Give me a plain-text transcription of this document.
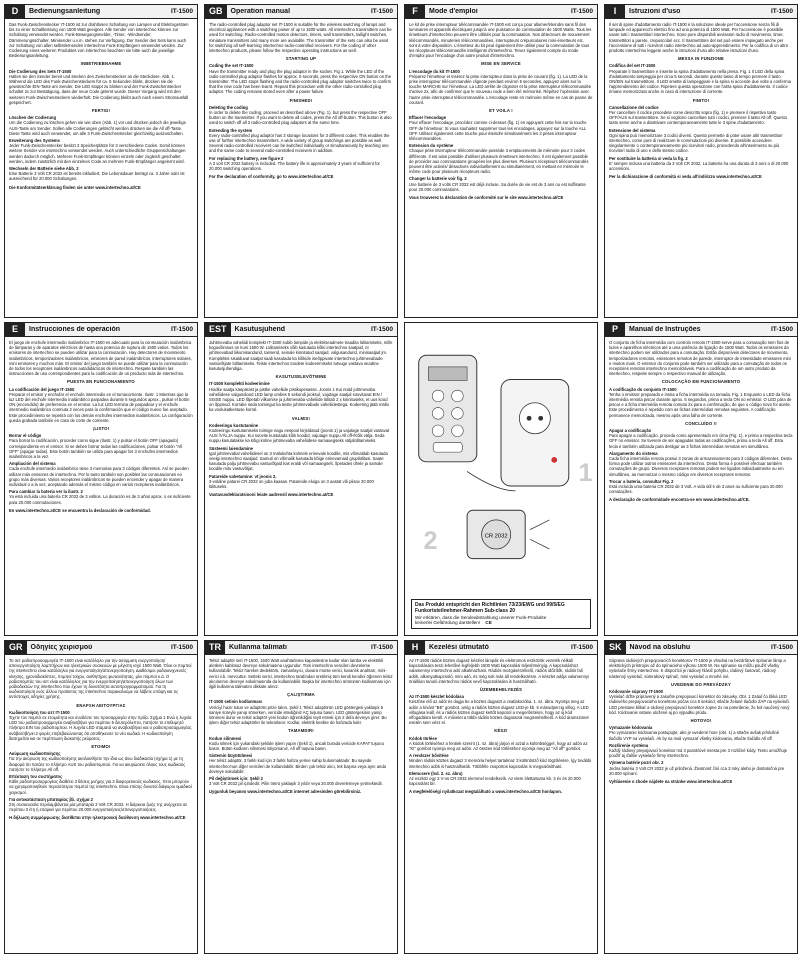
D	Bedienungsanleitung	IT-1500

Das Funk-Zwischenstecker IT-1500 ist zur drahtlosen Schaltung von Lampen und Elektrogeräten bis zu einer Schaltleistung von 1500 Watt geeignet. Alle Sender von intertechno können zur Schaltung verwendet werden. Funk-Bewegungsmelder, -Timer, -Windsender, Dämmerungsschalter, Minisender u.v.m. stehen zur Verfügung. Der Sender des Sets kann auch zur Schaltung von allen selbstlernenden intertechno Funk-Empfängern verwendet werden. Zur Codierung eines weiteren Produktes von intertechno beachten sie bitte auch die jeweilige Bedienungsanleitung.

INBETRIEBNAHME
Die Codierung des Sets IT-1500

Halten sie den Sender bereit und stecken den Zwischenstecker an die Steckdose. Abb. 1. Während die LED des Funk-Zwischensteckers für ca. 5 Sekunden blinkt, drücken sie die gewünschte EIN-Taste am Sender. Die LED stoppt zu blinken und der Funk-Zwischenstecker schaltet 2x zur Bestätigung, dass der neue Code gelernt wurde. Dieser Vorgang wird mit den weiteren Funk-Zwischensteckern wiederholt. Die Codierung bleibt auch nach einem Stromausfall gespeichert.

FERTIG!
Löschen der Codierung

Um die Codierung zu löschen gehen sie wie oben (Abb. 1) vor und drücken jedoch die jeweilige AUS-Taste am Sender. Sollen alle Codierungen gelöscht werden drücken sie die All off-Taste. Diese Taste wird auch verwendet, um alle 3 Funk-Zwischenstecker gleichzeitig auszuschalten.

Erweiterung des Systems

Jeder Funk-Zwischenstecker besitzt 3 Speicherplätze für 3 verschiedene Codes. Somit können weitere Sender von intertechno verwendet werden. Auch unterschiedliche Gruppenschaltungen werden dadurch möglich. Mehrere Funk-Empfänger können einzeln oder zugleich geschaltet werden, indem zusätzlich mit den einzelnen Code an mehrere Funk-Empfänger angelernt wird.

Wechseln der Batterie siehe Abb. 2

Eine Batterie 3 Volt CR 2032 ist bereits inkludiert. Die Lebensdauer beträgt ca. 3 Jahre oder ist ausreichend für 20.000 Schaltungen.

Die Konformitätserklärung finden sie unter www.intertechno.at/CE
GB	Operation manual	IT-1500

The radio-controlled plug adaptor set IT-1500 is suitable for the wireless switching of lamps and electrical appliances with a switching power of up to 1500 watts. All intertechno transmitters can be used for switching. Radio-controlled motion detectors, timers, wall transmitters, twilight switches, miniature transmitters and many more are available. The transmitter of the sets can also be used for switching all self-learning intertechno radio-controlled receivers. For the coding of other intertechno products, please follow the respective operating instructions as well.

STARTING UP
Coding the set IT-1500

Have the transmitter ready and plug the plug adaptor in the socket. Fig 1. While the LED of the radio-controlled plug adaptor flashes for approx. 5 seconds, press the respective ON button on the transmitter. The LED stops flashing and the radio-controlled plug adaptor switches twice to confirm that the new code has been learnt. Repeat this procedure with the other radio-controlled plug adaptor. The coding remains stored even after a power failure.

FINISHED!
Deleting the coding

In order to delete the coding, proceed as described above (Fig. 1), but press the respective OFF button on the transmitter. If you want to delete all codes, press the All off-button. This button is also used to switch off all 3 radio-controlled plug adaptors at the same time.

Extending the system

Every radio-controlled plug adaptor has 3 storage locations for 3 different codes. This enables the use of further intertechno transmitters. A wide variety of group switchings are possible as well. Several radio-controlled receivers can be switched individually or simultaneously by teaching one and the same code to several radio-controlled receivers in addition.

For replacing the battery, see figure 2

A 3 volt CR 2032 battery is included. The battery life is approximately 3 years of sufficient for 20,000 switching operations.

For the declaration of conformity, go to www.intertechno.at/CE
F	Mode d'emploi	IT-1500

Le kit de prise interrupteur télécommandée IT-1500 est conçu pour allumer/éteindre sans fil des luminaires et appareils électriques jusqu'à une puissance de commutation de 1500 Watts. Tous les émetteurs d'intertechno peuvent être utilisés pour la commutation. Nos détecteurs de mouvement télécommandés, minuteries télécommandées, interrupteurs crépusculaires mini-émetteurs etc. sont à votre disposition. L'émetteur du kit peut également être utilisé pour la commutation de tous les récepteurs télécommandés intelligents d'intertechno. Tenez également compte du mode d'emploi pour l'encodage d'un autre produit d'intertechno.

MISE EN SERVICE
L'encodage du kit IT-1500

Préparez l'émetteur et insérez la prise interrupteur dans la prise de courant (fig. 1). La LED de la prise interrupteur télécommandée clignote pendant environ 5 secondes, appuyez alors sur la touche MARCHE sur l'émetteur. La LED arrête de clignoter et la prise interrupteur télécommandée s'active 2x, afin de confirmer que le nouveau code a bien été mémorisé. Répétez l'opération avec l'autre prise interrupteur télécommandée. L'encodage reste en mémoire même en cas de panne de courant.

ET VOILA !
Effacer l'encodage

Pour effacer l'encodage, procédez comme ci-dessus (fig. 1) en appuyant cette fois sur la touche OFF de l'émetteur. Si vous souhaitez supprimer tous les encodages, appuyez sur la touche ALL OFF. Utilisez également cette touche pour éteindre simultanément les 3 prises interrupteur télécommandées.

Extension du système

Chaque prise interrupteur télécommandée possède 3 emplacements de mémoire pour 3 codes différents. Il est ainsi possible d'utiliser plusieurs émetteurs intertechno. Il est également possible de procéder aux commutations groupées les plus diverses. Plusieurs récepteurs télécommandés peuvent être activés/ désactivés individuellement ou simultanément, en mettant en mémoire le même code pour plusieurs récepteurs radio.

Changer la batterie voir fig. 2

Une batterie de 3 volts CR 2032 est déjà incluse. Sa durée de vie est de 3 ans ou est suffisante pour 20.000 commutations.

Vous trouverez la déclaration de conformité sur le site www.intertechno.at/CE
I	Istruzioni d'uso	IT-1500

Il set di spine d'adattamento radio IT-1500 è la soluzione ideale per l'accensione senza fili di lampade ed apparecchi elettrici fino ad una potenza di 1500 Watt. Per l'accensione è possibile usare tutti i trasmettitori intertechno. Sono pure disponibili avvisatori radio di movimento, timer, trasmettitori a parete, crepuscolari ecc. Il trasmettitore del set può essere impiegato anche per l'accensione di tutti i ricevitori radio intertechno ad auto-apprendimento. Per la codifica di un altro prodotto intertechno leggete anche le istruzioni d'uso allo relative istruzioni d'uso.

MESSA IN FUNZIONE
Codifica del set IT-1500

Preparate il trasmettitore e inserite la spina d'adattamento nella presa. Fig. 1 Il LED della spina d'adattamento lampeggia per circa 5 secondi, durante questo lasso di tempo premere il tasto ON/EIN sul trasmettitore. Il LED smette di lampeggiare e la spina si accende due volte a conferma l'apprendimento del codice. Ripetere questa operazione con l'altra spina d'adattamento. Il codice rimane memorizzato anche in caso di interruzione di corrente.

FINITO!
Cancellazione del codice

Per cancellare il codice procedete come descritto sopra (fig. 1) e premere il rispettivo tasto OFF/AUS sul trasmettitore. Se si vogliono cancellare tutti i codici, premere il tasto All off. Questo tasto serve anche a disattivare contemporaneamente tutte le 3 spine d'adattamento.

Estensione del sistema

Ogni spina può memorizzare 3 codici diversi. Questo permette di poter usare altri trasmettitori intertechno, come pure di realizzare le commutazioni più diverse. È possibile accendere singolarmente o contemporaneamente più ricevitori radio, procedendo all'inserimento su più ricevitori radio di uno e dello stesso codice.

Per sostituire la batteria si veda la fig. 2

E' sempre inclusa una batteria da 3 Volt CR 2032. La batteria ha una durata di 3 anni o di 20.000 accensioni.

Per la dichiarazione di conformità si veda all'indirizzo www.intertechno.at/CE
E	Instrucciones de operación	IT-1500

El juego de enchufe intermedio inalámbrico IT-1500 es adecuado para la conmutación inalámbrica de lámparas y de aparatos eléctricos de hasta una potencia de ruptura de 1500 vatios. Todos los emisores de intertechno se pueden utilizar para la conmutación. Hay detectores de movimiento inalámbricos, temporizadores inalámbricos, emisores de pared inalámbricos, interruptores solares, mini emisores y muchos más. El emisor del juego también se puede utilizar para la conmutación de todos los receptores inalámbricos autodidácticos de intertechno. Respete también las instrucciones de uso correspondientes para la codificación de un producto más de intertechno.

PUESTA EN FUNCIONAMIENTO
La codificación del juego IT-1500

Preparar el emisor y enchufar el enchufe intermedio en el tomacorriente. Ilustr. 1 Mientras que la luz LED del enchufe intermedio inalámbrico parpadea durante 5 segundos aprox., pulsar el botón ON (encendido) de preferencia en el emisor. La luz LED termina de parpadear y el enchufe intermedio inalámbrico conmuta 2 veces para la confirmación que el código nuevo fue aceptado. Este procedimiento se repetirá con los demás enchufes intermedios inalámbricos. La configuración queda grabada también en caso de corte de corriente.

¡LISTO!
Borrar el código

Para borrar la codificación, proceder como sigue (Ilustr. 1) y pulsar el botón OFF (apagado) correspondiente en el emisor. Si se deben borrar todas las codificaciones, pulsar el botón "All OFF" (apagar todas). Este botón también se utiliza para apagar los 3 enchufes intermedios inalámbricos a la vez.

Ampliación del sistema

Cada enchufe intermedio inalámbrico tiene 3 memorias para 3 códigos diferentes. Así se pueden utilizar más emisores de intertechno. Por lo tanto también son posibles las conmutaciones en grupo más diversas. Varios receptores inalámbricos se pueden encender y apagar de manera individual o a la vez, aceptando además el mismo código en varios receptores inalámbricos.

Para cambiar la batería ver la ilustr. 2

Ya está incluida una batería CR 2032 de 3 voltios. La duración es de 3 años aprox. o es suficiente para 20.000 conmutaciones.

En www.intertechno.at/CE se encuentra la declaración de conformidad.
EST	Kasutusjuhend	IT-1500

Juhtmevaba vaheliidi komplekt IT-1500 sobib lampide ja elektriseadmete traadita lülitamiseks, mille koguvõimsus on kuni 1500 W. Lülitamiseks võib kasutada kõiki intertechno saatjaid, nt juhtmevabad liikumisandurid, taimerid, seinale kinnitatud saatjad, valgusandurid, minisaatjad jm. Komplektis sisalduvat saatjat saab kasutada ka kõikide iseõppivate intertechno juhtmevabade vastuvõtjate lülitamiseks. Teiste intertechno toodete kodeerimiseks tutvuge vastava seadme kasutusjuhendiga.

KASUTUSELEVÕTMINE
IT-1500 komplekti kodeerimine

Hoidke saatja käepärast ja pistke vaheliide pistikupesasse. Joonis 1 Kui nüüd juhtmevaba vaheliidese valgusdiood LED lamp umbes 5 sekundi jooksul, vajutage saatjal soovitavat EIN / SISSE nuppu. LED lõpetab vilkumise ja juhtmevaba vaheliide lülitab 2 x kinnituseks, et uus kood on õppinud. Korrake seda toimingut ka teiste juhtmevabade vaheliidestega. Kodeering jääb mällu ka voolukatkestuse korral.

VALMIS!
Kodeeringu kustutamine

Kodeeringu kustutamiseks toimige nagu eespool kirjeldatud (joonis 1) ja vajutage saatjal vastavat AUS /VÄLJA nuppu. Kui soovite kustutada kõik koodid, vajutage nuppu All off-/Kõik välja. Seda nuppu kasutatakse ka kõigi kolme juhtmevaba vaheliidese samaaegseks väljalülitamiseks.

Süsteemi laiendamine

Igal juhtmevabal vaheliidesel on 3 mälukohta kolmele erinevale koodile, mis võimaldab kasutada veelgi intertechno saatjaid. Samuti on võimalik kasutada kõige erinevamaid grupilülitusi. Saate kasutada palju juhtmevabu vastuvõtjaid kas eraldi või samaaegselt, õpetades ühele ja samale koodile mitu vastuvõtjat.

Patareide vahetamine: vt joonis 2.

3-voldine patarei CR 2032 on juba kaasas. Patareide eluiga on 3 aastat või piisav 20.000 lülituseks.

Vastavusdeklaratsiooni leiate aadressil www.intertechno.at/CE
1
CR 2032
2
Das Produkt entspricht den Richtlinien 73/23/EWG und 99/5/EG
Funkortsteilnehmer-Rahmen Sub-class 20
Wir erklären, dass die Sendeabstrahlung unserer Funk-Produkte
keinerlei Gefährdung darstellen! CE
P	Manual de Instruções	IT-1500

O conjunto de ficha intermédia com controlo remoto IT-1500 serve para a comutação sem fios de luzes e aparelhos eléctricos até a uma potência de ligação de 1500 Watt. Todos os emissores da intertechno podem ser utilizados para a comutação. Estão disponíveis detectores de movimento, temporizadores remotos, emissores remotos de parede, interruptor de intensidade emissores mini e muitos mais. O emissor do conjunto pode também ser utilizado para a comutação de todos os receptores remotos intertechno memorizáveis. Para a codificação de um outro produto da intertechno, respeite sempre o respectivo manual de utilização.

COLOCAÇÃO EM FUNCIONAMENTO
A codificação do conjunto IT-1500

Tenha o emissor preparado e insira a ficha intermédia na tomada. Fig. 1 Enquanto o LED da ficha intermédia remota piscar durante aprox. 5 segundos, prima a tecla ON no emissor. O LED pára de piscar e a ficha intermédia remota comuta 2x para a confirmação, de que o código novo foi aceite. Este procedimento é repetido com as fichas intermédias remotas seguintes. A codificação permanece memorizada, mesmo após uma falha de corrente.

CONCLUÍDO !!
Apagar a codificação

Para apagar a codificação, proceda como apresentado em cima (Fig. 1), e prima a respectiva tecla OFF no emissor. Se tiverem de ser apagadas todas as codificações, prima a tecla All off. Esta tecla é também utilizada para desligar as 3 fichas intermédias remotas em simultâneo.

Alargamento do sistema

Cada ficha intermédia remota possui 3 zonas de armazenamento para 3 códigos diferentes. Desta forma pode utilizar outros emissores da intertechno. Desta forma é possível efectuar também comutações de grupo. Diversos receptores remotos podem ser ligados individualmente ou em simultâneo, ao memorizar o mesmo código em diversos receptores remotos.

Trocar a bateria, consultar Fig. 2

Está incluída uma bateria CR 2032 de 3 Volt. A vida útil é de 3 anos ou suficiente para 20.000 comutações.

A declaração de conformidade encontra-se em www.intertechno.at/CE.
GR	Οδηγίες χειρισμού	IT-1500

Το σετ ραδιοπροσαρμογέα IT-1500 είναι κατάλληλο για την ασύρματη ενεργοποίηση/απενεργοποίηση λαμπτήρων και ηλεκτρικών συσκευών με μέγιστη ισχύ 1500 Watt. Όλοι οι πομποί της intertechno είναι κατάλληλοι για ενεργοποίηση/απενεργοποίηση. Διαθέσιμοι ραδιοανιχνευτές κίνησης, χρονοδιακόπτες, πομποί τοίχου, αισθητήρες φωτεινότητας, μίνι πομποί κ.ά. Ο ραδιοπομπός του σετ είναι κατάλληλος για την ενεργοποίηση/απενεργοποίηση όλων των ραδιοδεκτών της intertechno που έχουν τη δυνατότητα αυτοπρογραμματισμού. Για τη κωδικοποίηση ενός άλλου προϊόντος της intertechno παρακαλούμε να λάβετε υπόψη και τις αντίστοιχες οδηγίες χρήσης.

ΕΝΑΡΞΗ ΛΕΙΤΟΥΡΓΙΑΣ
Κωδικοποίηση του σετ IT-1500

Έχετε τον πομπό σε ετοιμότητα και συνδέστε τον προσαρμογέα στην πρίζα. Σχήμα 1 Ενώ η λυχνία LED του ραδιοπροσαρμογέα αναβοσβήνει για περίπου 5 δευτερόλεπτα, πατήστε το επιθυμητό πλήκτρο ΕΙΝ του ραδιοπομπού. Η λυχνία LED σταματά να αναβοσβήνει και ο ραδιοπροσαρμογέας ανάβει/σβήνει 2 φορές επιβεβαιώνοντας ότι αποθήκευσε το νέο κωδικό. Η κωδικοποίηση διατηρείται και σε περίπτωση διακοπής ρεύματος.

ΕΤΟΙΜΟ!
Ακύρωση κωδικοποίησης

Για την ακύρωση της κωδικοποίησης ακολουθήστε την ίδια ως άνω διαδικασία (σχήμα 1) με τη διαφορά ότι πατάτε το πλήκτρο AUS του ραδιοπομπού. Για να ακυρώσετε όλους τους κωδικούς πατήστε το πλήκτρο All off.

Επέκταση του συστήματος

Κάθε ραδιοπροσαρμογέας διαθέτει 3 θέσεις μνήμης για 3 διαφορετικούς κωδικούς. Έτσι μπορούν να χρησιμοποιηθούν περισσότεροι πομποί της intertechno. Είναι επίσης δυνατοί διάφοροι ομαδικοί χειρισμοί.

Για αντικατάσταση μπαταρίας βλ. σχήμα 2

Στη συσκευασία περιλαμβάνεται μία μπαταρία 3 Volt CR 2032. Η διάρκεια ζωής της ανέρχεται σε περίπου 3 έτη ή επαρκεί για περίπου 20.000 ενεργοποιήσεις/απενεργοποιήσεις.

Η δήλωση συμμόρφωσης διατίθεται στην ηλεκτρονική διεύθυνση www.intertechno.at/CE
TR	Kullanma talimatı	IT-1500

Telsiz adaptör seti IT-1500, 1500 Watt anahtarlama kapasitesine kadar olan lamba ve elektrikli aletlerin kablosuz devreye sokulmasına uygundur. Tüm intertechno vericileri devreleme kullanılabilir. Telsiz hareket dedektörü, zamanlayıcı, duvara monte verici, karanlık anahtarı, mini-verici v.b. mevcuttur. Setteki verici, intertechno tarafından üretilmiş tüm kendi kendini öğrenen telsiz alıcılarının devreye sokulmasında da kullanılabilir. Başka bir intertechno ürününün kodlanması için ilgili kullanma talimatını dikkate alınız.

ÇALIŞTIRMA
IT-1500 setinin kodlanması

Vericiyi hazır tutun ve adaptörü prize takın. Şekil 1 Telsiz adaptörün LED göstergesi yaklaşık 5 saniye süreyle yanıp sönerken, vericide istediğiniz AÇ tuşuna basın. LED göstergesinin yanıp sönmesi durur ve telsiz adaptör yeni kodun öğrenildiğini teyit etmek için 2 defa devreye girer. Bu işlem diğer telsiz adaptörler ile tekrarlanır. Kodlar, elektrik kesilse de hafızada kalır.

TAMAMDIR!
Kodun silinmesi

Kodu silmek için yukarıdaki şekilde işlem yapın (Şekil 1), ancak burada vericide KAPAT tuşuna basın. Bütün kodların silinmesi istiyorsanız, All off tuşuna basın.

Sistemin büyütülmesi

Her telsiz adaptör, 3 farklı kod için 3 farklı hafıza yerine sahip bulunmaktadır. Bu sayede intertechno'nun diğer vericileri de kullanılabilir. Birden çok telsiz alıcı, tek başına veya aynı anda devreye sokulabilir.

Pil değiştirmek için: Şekil 2

3 Volt CR 2032 pil içindedir. Pilin ömrü yaklaşık 3 yıldır veya 20.000 devrelemeye yetmektedir.

Uygunluk beyanını www.intertechno.at/CE internet adresinden görebilirsiniz.
H	Kezelési útmutató	IT-1500

Az IT-1500 rádiós köztes dugasz készlet lámpák és elektromos eszközök vezeték nélküli kapcsolására teszi lehetővé legfeljebb 1500 Watt kapcsolási teljesítményig. A kapcsoláshoz valamennyi intertechno adó alkalmazható. Rádiós mozgásérzékelő, rádiós időzítők, rádiós fali adók, alkonyatkapcsoló, mini adó, és még sok más áll rendelkezésre. A készlet adója valamennyi önállóan tanuló intertechno rádiós vevő kapcsolására is használható.

ÜZEMBEHELYEZÉS
Az IT-1500 készlet kódolása

Készítse elő az adót és dugja be a köztes dugaszt a csatlakozóba. 1. sz. ábra. Nyomja meg az adón a kívánt "BE" gombot, amíg a rádiós köztes dugasz LED-je kb. 5 másodpercig villog. A LED villogása leáll, és a rádiós köztes dugasz kettőt kapcsol a megerősítésre, hogy az új kód elfogadásra került. A művelet a többi rádiós köztes dugasszal megismételhető. A kód áramszünet esetén sem vész el.

KÉSZ!
Kódok törlése

A kódok törléséhez a fentiek szerint (1. sz. ábra) járjon el azzal a különbséggel, hogy az adón az "KI" gombot nyomja meg az adón. Az összes kód törléséhez nyomja meg az "All off" gombot.

A rendszer bővítése

Minden rádiós köztes dugasz 3 memória helyet tartalmaz 3 különböző kód rögzítésére. Így további intertechno adók is használhatók. Többféle csoportos kapcsolás is megvalósítható.

Elemcsere (lsd. 2. sz. ábra)

Az eszköz egy 3 V-os CR 2032 elemmel rendelkezik. Az elem élettartama kb. 3 év és 20.000 kapcsolást bír.

A megfelelőségi nyilatkozat megtalálható a www.intertechno.at/CE honlapon.
SK	Návod na obsluhu	IT-1500

Súprava rádiových prepojovacích konektorov IT-1500 je vhodná na bezdrôtové spínanie lámp a elektrických prístrojov až do spínacieho výkonu 1500 W. Na spínanie sa môžu použiť všetky vysielače firmy intertechno. K dispozícii je rádiový hlásič pohybu, rádiový časovač, rádiový nástenný vysielač, súmrakový spínač, mini vysielač a mnohé iné.

UVEDENIE DO PREVÁDZKY
Kódovanie súpravy IT-1500

Vysielač držte pripravený a zasuňte prepojovací konektor do zásuvky. Obr. 1 Zatiaľ čo bliká LED rádiového prepojovacieho konektora počas cca 5 sekúnd, stlačte želané tlačidlo ZAP na vysielači. LED prestane blikať a rádiový prepojovací konektor zopne 2x na potvrdenie, že bol naučený nový kód. Kódovanie ostane uložené aj po výpadku prúdu.

HOTOVO!
Vymazanie kódovania

Pre vymazanie kódovania postupujte, ako je uvedené hore (obr. 1) a stlačte avšak príslušné tlačidlo VYP na vysielači. Ak by sa mali vymazať všetky kódovania, stlačte tlačidlo All off.

Rozšírenie systému

Každý rádiový prepojovací konektor má 3 pamäťové miesta pre 3 rozličné kódy. Tento umožňuje použiť aj ďalšie vysielače firmy intertechno.

Výmena batérie pozri obr. 2

Jedna batéria 3 Volt CR 2032 je už priložená. Životnosť činí cca 3 roky alebo je dostatočná pre 20.000 spínaní.

Vyhlásenie o zhode nájdete na stránke www.intertechno.at/CE
